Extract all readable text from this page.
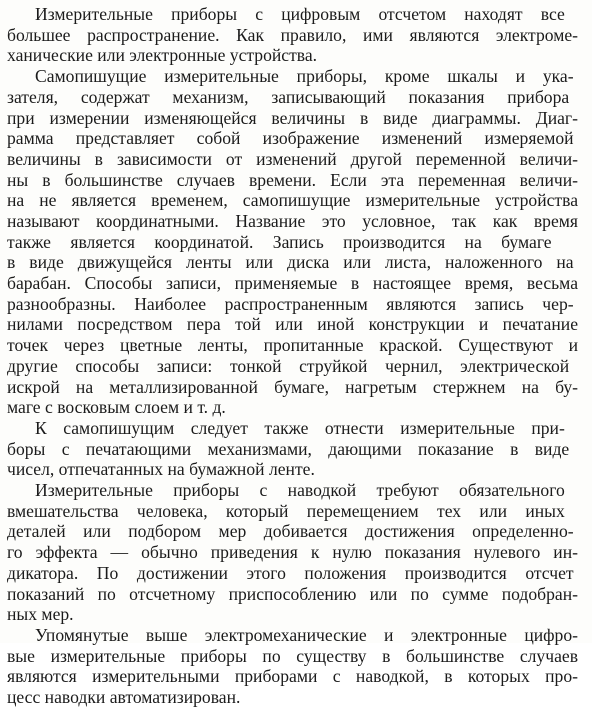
Измерительные приборы с цифровым отсчетом находят все
большее распространение. Как правило, ими являются электроме-
ханические или электронные устройства.
Самопишущие измерительные приборы, кроме шкалы и ука-
зателя, содержат механизм, записывающий показания прибора
при измерении изменяющейся величины в виде диаграммы. Диаг-
рамма представляет собой изображение изменений измеряемой
величины в зависимости от изменений другой переменной величи-
ны в большинстве случаев времени. Если эта переменная величи-
на не является временем, самопишущие измерительные устройства
называют координатными. Название это условное, так как время
также является координатой. Запись производится на бумаге
в виде движущейся ленты или диска или листа, наложенного на
барабан. Способы записи, применяемые в настоящее время, весьма
разнообразны. Наиболее распространенным являются запись чер-
нилами посредством пера той или иной конструкции и печатание
точек через цветные ленты, пропитанные краской. Существуют и
другие способы записи: тонкой струйкой чернил, электрической
искрой на металлизированной бумаге, нагретым стержнем на бу-
маге с восковым слоем и т. д.
К самопишущим следует также отнести измерительные при-
боры с печатающими механизмами, дающими показание в виде
чисел, отпечатанных на бумажной ленте.
Измерительные приборы с наводкой требуют обязательного
вмешательства человека, который перемещением тех или иных
деталей или подбором мер добивается достижения определенно-
го эффекта — обычно приведения к нулю показания нулевого ин-
дикатора. По достижении этого положения производится отсчет
показаний по отсчетному приспособлению или по сумме подобран-
ных мер.
Упомянутые выше электромеханические и электронные цифро-
вые измерительные приборы по существу в большинстве случаев
являются измерительными приборами с наводкой, в которых про-
цесс наводки автоматизирован.
